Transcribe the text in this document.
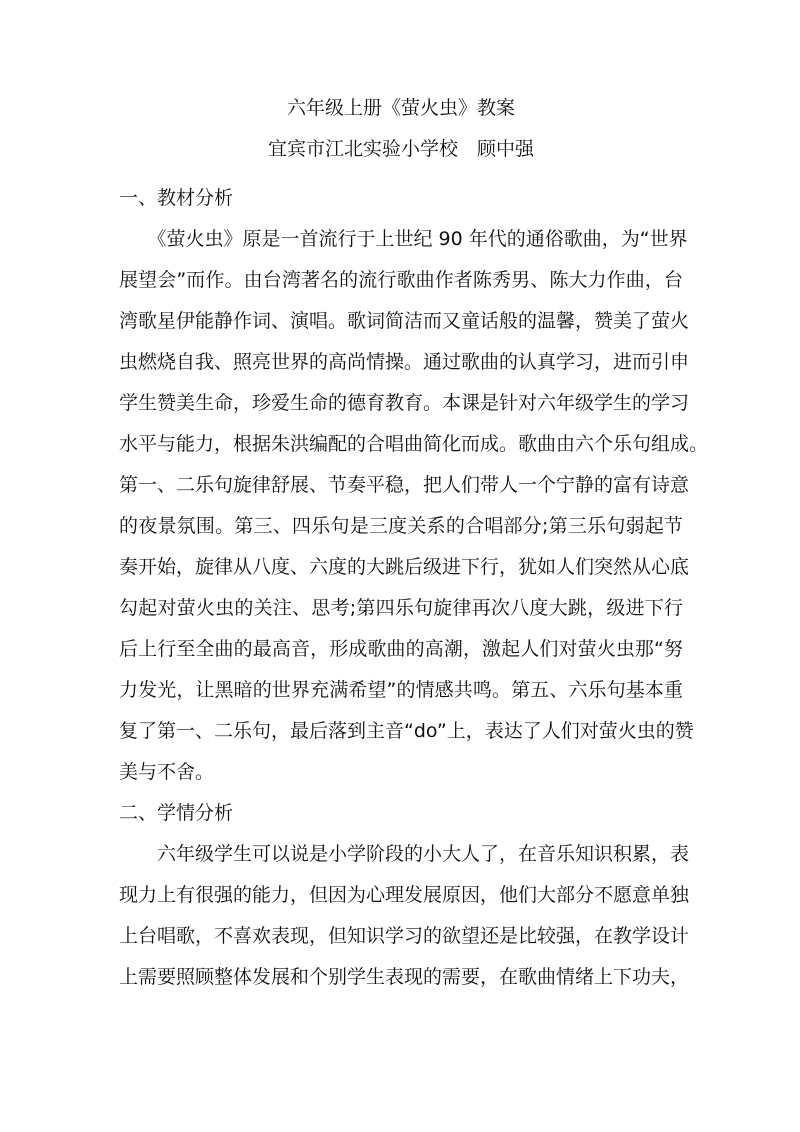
六年级上册《萤火虫》教案

宜宾市江北实验小学校　顾中强

一、教材分析

　　《萤火虫》原是一首流行于上世纪 90 年代的通俗歌曲，为“世界
展望会”而作。由台湾著名的流行歌曲作者陈秀男、陈大力作曲，台
湾歌星伊能静作词、演唱。歌词简洁而又童话般的温馨，赞美了萤火
虫燃烧自我、照亮世界的高尚情操。通过歌曲的认真学习，进而引申
学生赞美生命，珍爱生命的德育教育。本课是针对六年级学生的学习
水平与能力，根据朱洪编配的合唱曲简化而成。歌曲由六个乐句组成。
第一、二乐句旋律舒展、节奏平稳，把人们带人一个宁静的富有诗意
的夜景氛围。第三、四乐句是三度关系的合唱部分;第三乐句弱起节
奏开始，旋律从八度、六度的大跳后级进下行，犹如人们突然从心底
勾起对萤火虫的关注、思考;第四乐句旋律再次八度大跳，级进下行
后上行至全曲的最高音，形成歌曲的高潮，激起人们对萤火虫那“努
力发光，让黑暗的世界充满希望”的情感共鸣。第五、六乐句基本重
复了第一、二乐句，最后落到主音“do”上，表达了人们对萤火虫的赞
美与不舍。

二、学情分析

　　六年级学生可以说是小学阶段的小大人了，在音乐知识积累，表
现力上有很强的能力，但因为心理发展原因，他们大部分不愿意单独
上台唱歌，不喜欢表现，但知识学习的欲望还是比较强，在教学设计
上需要照顾整体发展和个别学生表现的需要，在歌曲情绪上下功夫，
